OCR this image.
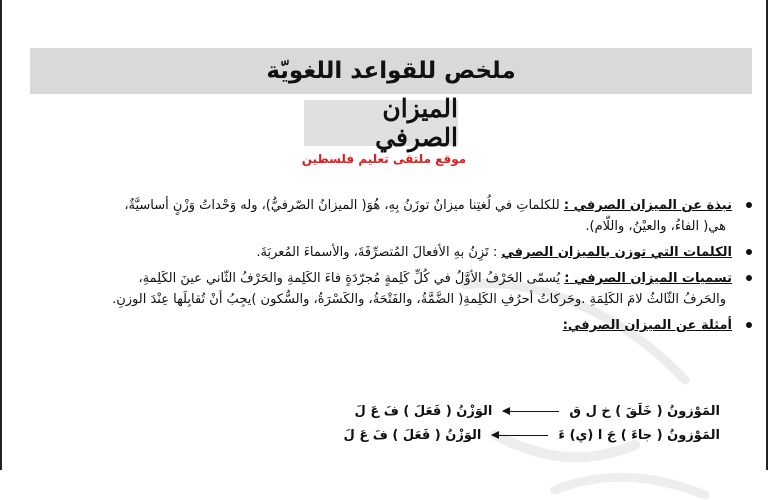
ملخص للقواعد اللغويّة
الميزان الصرفي
موقع ملتقى تعليم فلسطين
نبذة عن الميزان الصرفي : للكلماتِ في لُغتِنا ميزانٌ توزَنُ بِهِ، هُوَ( الميزانُ الصّرفيُّ)، وله وَحْداتُ وَزْنٍ أساسيَّةٌ،
هي( الفاءُ، والعيْنُ، واللّام).
الكلمات التي توزن بالميزان الصرفي : تَزِنُ بهِ الأفعالَ المُتصرِّفَةَ، والأسماءَ المُعربَةَ.
تسميات الميزان الصرفي : يُسمّى الحَرْفُ الأوَّلُ في كُلِّ كَلِمةٍ مُجرّدَةٍ فاءَ الكَلِمةِ والحَرْفُ الثّاني عينَ الكَلِمةِ،
والحَرفُ الثّالثُ لامَ الكَلِمَةِ .وحَركاتُ أحرُفِ الكَلِمةِ( الضَّمَّةُ، والفَتْحَةُ، والكَسْرَةُ، والسُّكون )يجِبُ أنْ تُقابِلَها عِنْدَ الوزنِ.
أمثلة عن الميزان الصرفي:
المَوْزونُ ( خَلَقَ ) خ ل ق  الوَزْنُ ( فَعَلَ ) فَ عَ لَ
المَوْزونُ ( جاءَ ) جَ ا (ي) ءَ  الوَزْنُ ( فَعَلَ ) فَ عَ لَ
